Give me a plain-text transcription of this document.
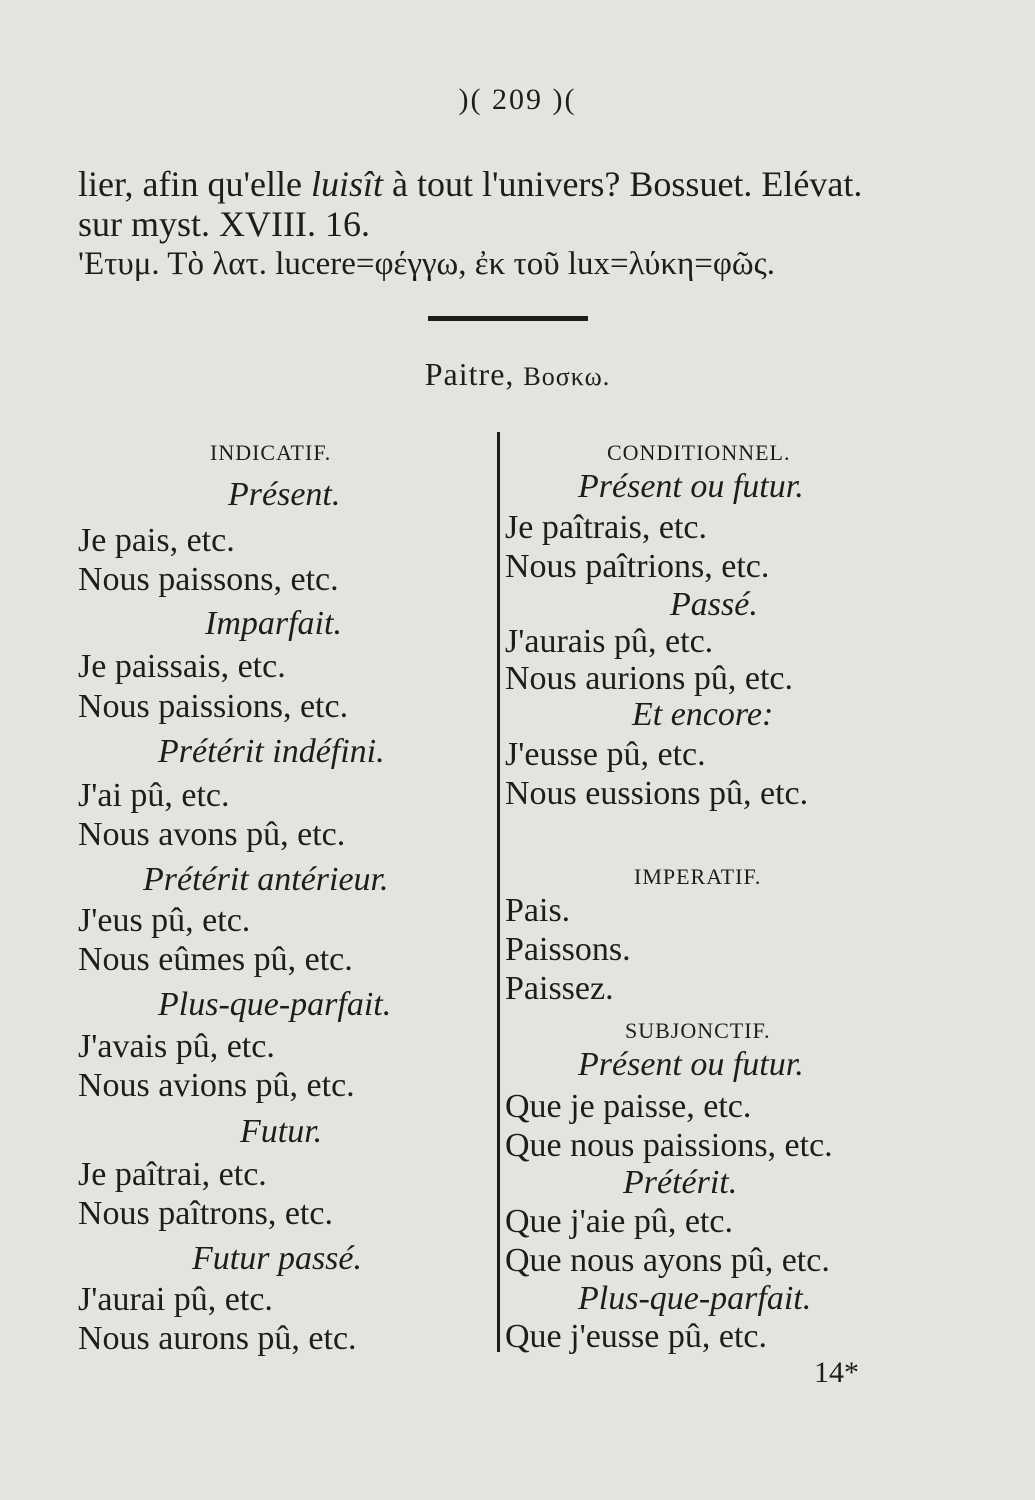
)( 209 )(
lier, afin qu'elle luisît à tout l'univers? Bossuet. Elévat.
sur myst. XVIII. 16.
'Ετυμ. Τὸ λατ. lucere=φέγγω, ἐκ τοῦ lux=λύκη=φῶς.
Paitre, Boσκω.
INDICATIF.
Présent.
Je pais, etc.
Nous paissons, etc.
Imparfait.
Je paissais, etc.
Nous paissions, etc.
Prétérit indéfini.
J'ai pû, etc.
Nous avons pû, etc.
Prétérit antérieur.
J'eus pû, etc.
Nous eûmes pû, etc.
Plus-que-parfait.
J'avais pû, etc.
Nous avions pû, etc.
Futur.
Je paîtrai, etc.
Nous paîtrons, etc.
Futur passé.
J'aurai pû, etc.
Nous aurons pû, etc.
CONDITIONNEL.
Présent ou futur.
Je paîtrais, etc.
Nous paîtrions, etc.
Passé.
J'aurais pû, etc.
Nous aurions pû, etc.
Et encore:
J'eusse pû, etc.
Nous eussions pû, etc.
IMPERATIF.
Pais.
Paissons.
Paissez.
SUBJONCTIF.
Présent ou futur.
Que je paisse, etc.
Que nous paissions, etc.
Prétérit.
Que j'aie pû, etc.
Que nous ayons pû, etc.
Plus-que-parfait.
Que j'eusse pû, etc.
14*
